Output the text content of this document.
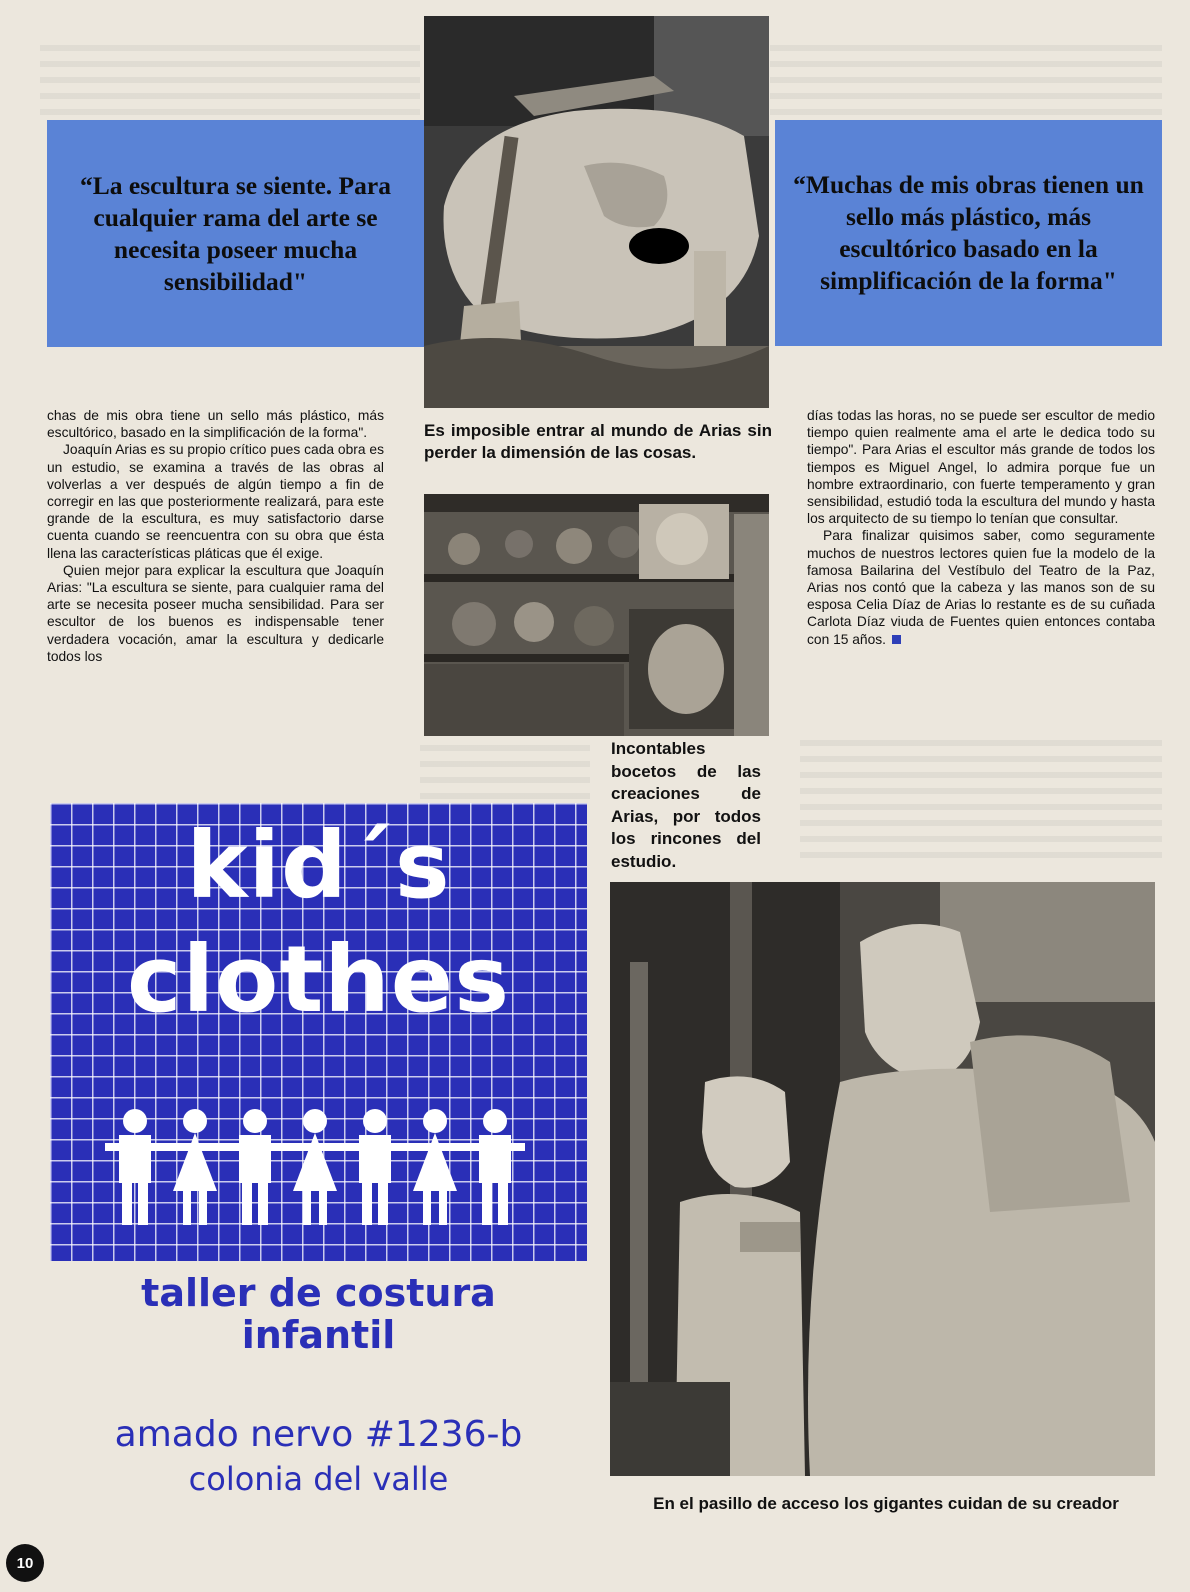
“La escultura se siente. Para cualquier rama del arte se necesita poseer mucha sensibilidad"
“Muchas de mis obras tienen un sello más plástico, más escultórico basado en la simplificación de la forma"
Es imposible entrar al mundo de Arias sin perder la dimensión de las cosas.
Incontables bocetos de las creaciones de Arias, por todos los rincones del estudio.

chas de mis obra tiene un sello más plástico, más escultórico, basado en la simplificación de la forma".

Joaquín Arias es su propio crítico pues cada obra es un estudio, se examina a través de las obras al volverlas a ver después de algún tiempo a fin de corregir en las que posteriormente realizará, para este grande de la escultura, es muy satisfactorio darse cuenta cuando se reencuentra con su obra que ésta llena las características pláticas que él exige.

Quien mejor para explicar la escultura que Joaquín Arias: "La escultura se siente, para cualquier rama del arte se necesita poseer mucha sensibilidad. Para ser escultor de los buenos es indispensable tener verdadera vocación, amar la escultura y dedicarle todos los

días todas las horas, no se puede ser escultor de medio tiempo quien realmente ama el arte le dedica todo su tiempo". Para Arias el escultor más grande de todos los tiempos es Miguel Angel, lo admira porque fue un hombre extraordinario, con fuerte temperamento y gran sensibilidad, estudió toda la escultura del mundo y hasta los arquitecto de su tiempo lo tenían que consultar.

Para finalizar quisimos saber, como seguramente muchos de nuestros lectores quien fue la modelo de la famosa Bailarina del Vestíbulo del Teatro de la Paz, Arias nos contó que la cabeza y las manos son de su esposa Celia Díaz de Arias lo restante es de su cuñada Carlota Díaz viuda de Fuentes quien entonces contaba con 15 años.

kid´s
clothes
taller de costura
infantil
amado nervo #1236-b
colonia del valle
En el pasillo de acceso los gigantes cuidan de su creador
10
